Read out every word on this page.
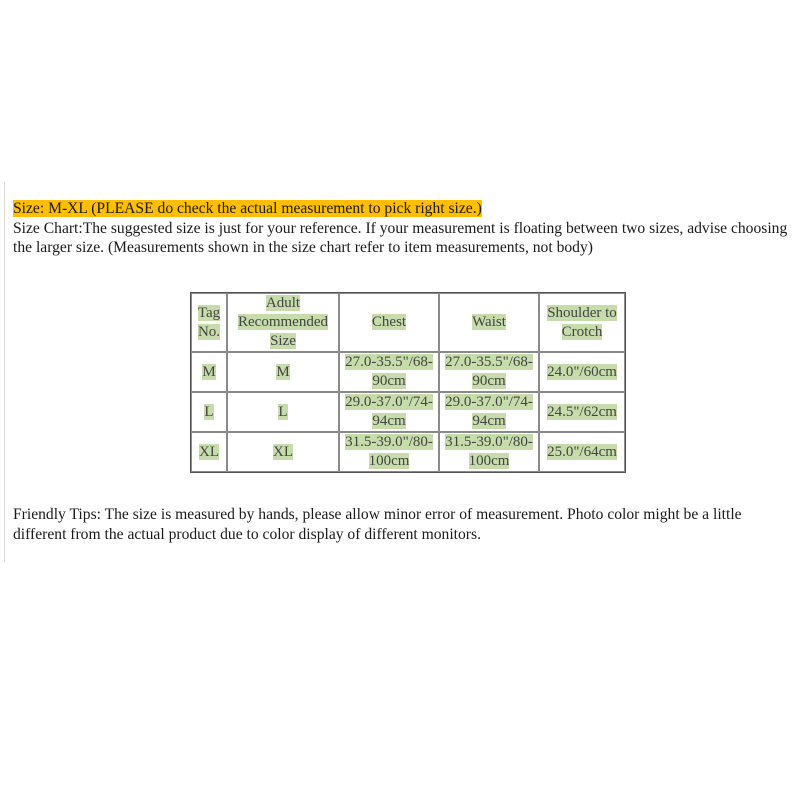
Size: M-XL (PLEASE do check the actual measurement to pick right size.)

Size Chart:The suggested size is just for your reference. If your measurement is floating between two sizes, advise choosing the larger size. (Measurements shown in the size chart refer to item measurements, not body)

Tag No.	Adult Recommended Size	Chest	Waist	Shoulder to Crotch
M	M	27.0-35.5"/68-90cm	27.0-35.5"/68-90cm	24.0"/60cm
L	L	29.0-37.0"/74-94cm	29.0-37.0"/74-94cm	24.5"/62cm
XL	XL	31.5-39.0"/80-100cm	31.5-39.0"/80-100cm	25.0"/64cm

Friendly Tips: The size is measured by hands, please allow minor error of measurement. Photo color might be a little different from the actual product due to color display of different monitors.
